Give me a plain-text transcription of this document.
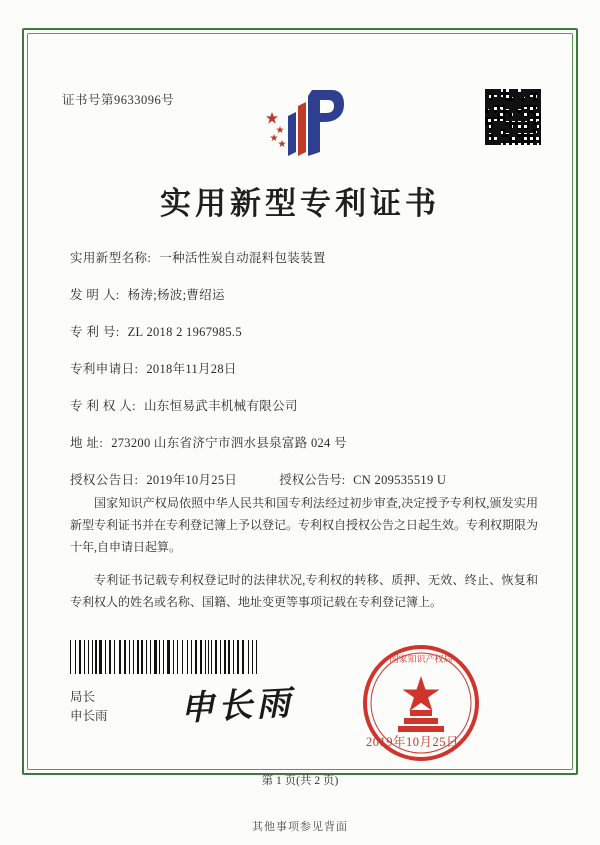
证书号第9633096号
实用新型专利证书
实用新型名称: 一种活性炭自动混料包装装置
发 明 人: 杨涛;杨波;曹绍运
专 利 号: ZL 2018 2 1967985.5
专利申请日: 2018年11月28日
专 利 权 人: 山东恒易武丰机械有限公司
地 址: 273200 山东省济宁市泗水县泉富路 024 号
授权公告日: 2019年10月25日	授权公告号: CN 209535519 U

国家知识产权局依照中华人民共和国专利法经过初步审查,决定授予专利权,颁发实用新型专利证书并在专利登记簿上予以登记。专利权自授权公告之日起生效。专利权期限为十年,自申请日起算。

专利证书记载专利权登记时的法律状况,专利权的转移、质押、无效、终止、恢复和专利权人的姓名或名称、国籍、地址变更等事项记载在专利登记簿上。

局长
申长雨 申长雨
国家知识产权局
2019年10月25日
第 1 页(共 2 页)
其他事项参见背面
